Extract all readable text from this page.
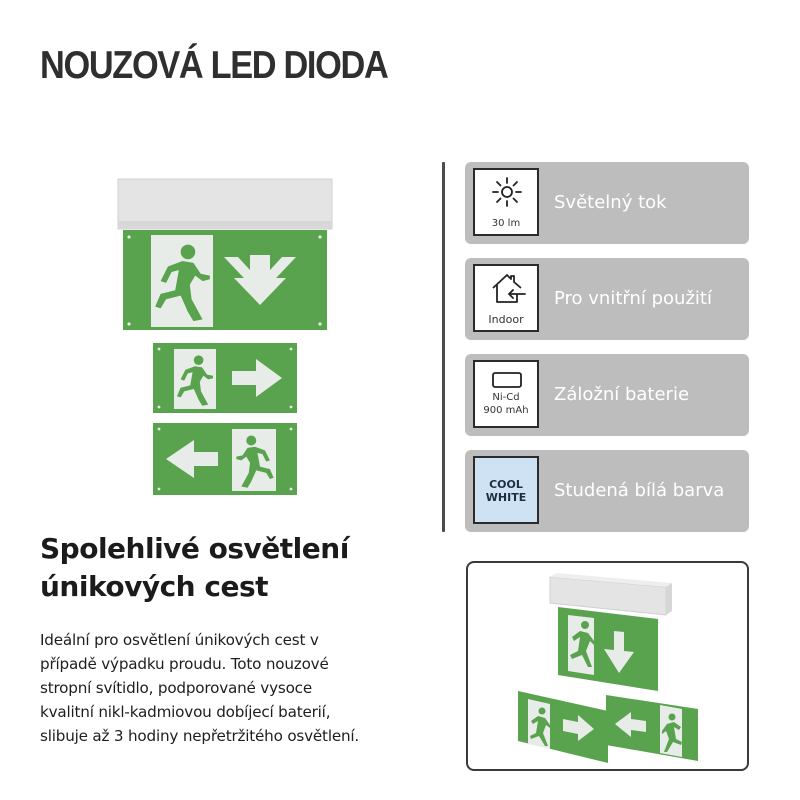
NOUZOVÁ LED DIODA
30 lm
Světelný tok
Indoor
Pro vnitřní použití
Ni-Cd
900 mAh
Záložní baterie
COOL
WHITE	Studená bílá barva
Spolehlivé osvětlení
únikových cest
Ideální pro osvětlení únikových cest v
případě výpadku proudu. Toto nouzové
stropní svítidlo, podporované vysoce
kvalitní nikl-kadmiovou dobíjecí baterií,
slibuje až 3 hodiny nepřetržitého osvětlení.
